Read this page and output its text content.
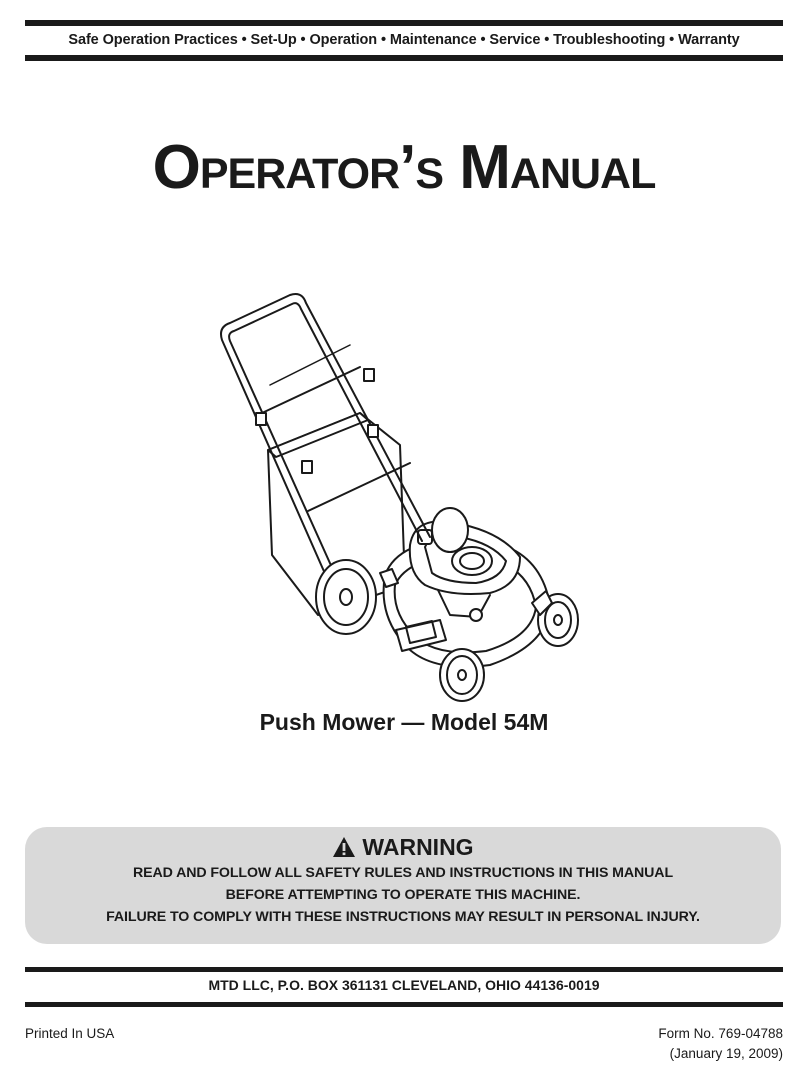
Safe Operation Practices • Set-Up • Operation • Maintenance • Service • Troubleshooting • Warranty
Operator’s Manual
Push Mower — Model 54M
WARNING
READ AND FOLLOW ALL SAFETY RULES AND INSTRUCTIONS IN THIS MANUAL
BEFORE ATTEMPTING TO OPERATE THIS MACHINE.
FAILURE TO COMPLY WITH THESE INSTRUCTIONS MAY RESULT IN PERSONAL INJURY.
MTD LLC, P.O. BOX 361131 CLEVELAND, OHIO 44136-0019
Printed In USA	Form No. 769-04788
(January 19, 2009)
